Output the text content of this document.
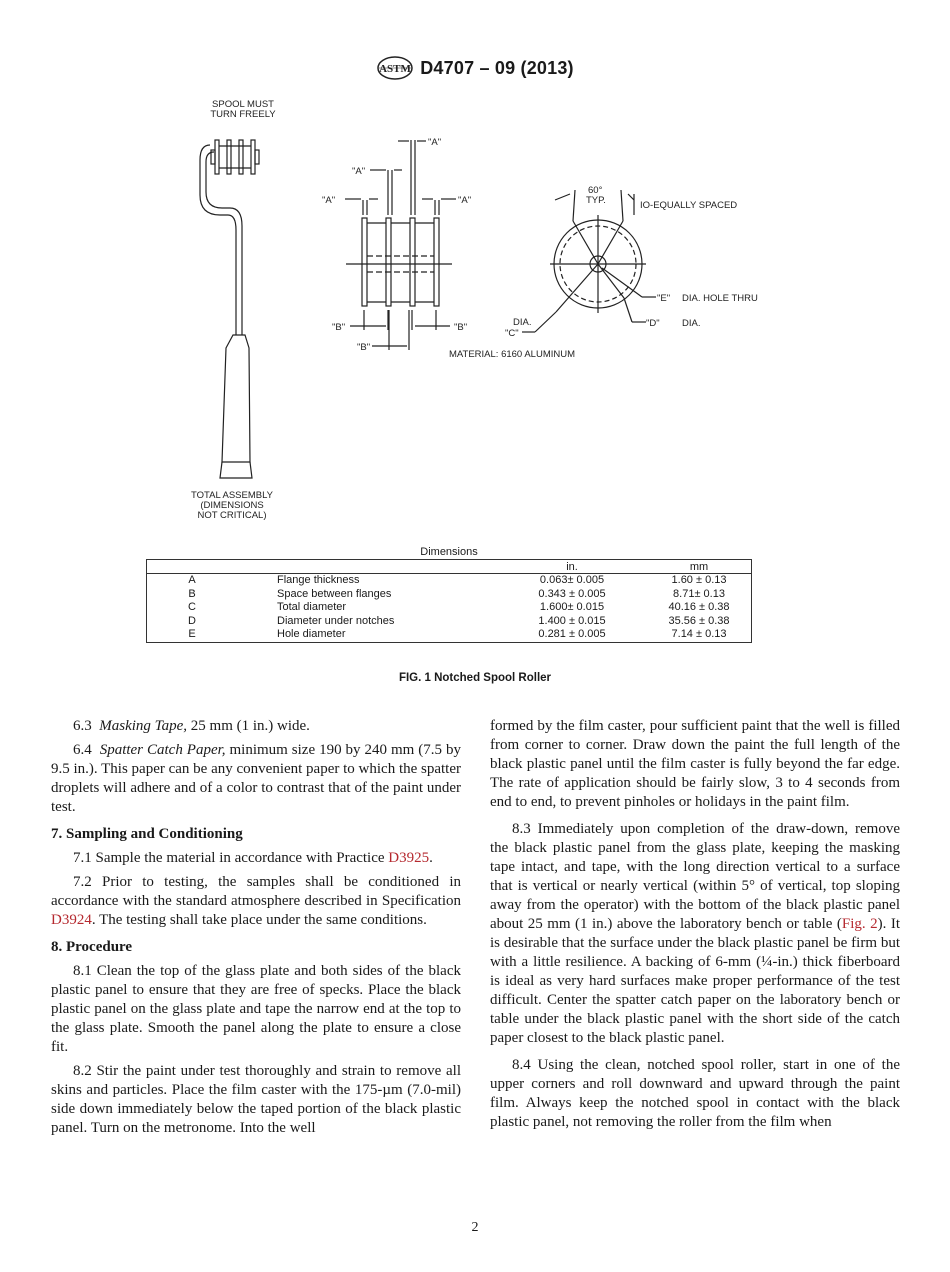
ASTM D4707 – 09 (2013)
SPOOL MUST
TURN FREELY
TOTAL ASSEMBLY
(DIMENSIONS
NOT CRITICAL)
"A"
"A"
"A"	"A"
"B"	"B"
"B"
60°
TYP.	IO-EQUALLY SPACED
"E" DIA. HOLE THRU
"D" DIA.
DIA.
"C"
MATERIAL: 6160 ALUMINUM
Dimensions
		in.	mm
A	Flange thickness	0.063± 0.005	1.60 ± 0.13
B	Space between flanges	0.343 ± 0.005	8.71± 0.13
C	Total diameter	1.600± 0.015	40.16 ± 0.38
D	Diameter under notches	1.400 ± 0.015	35.56 ± 0.38
E	Hole diameter	0.281 ± 0.005	7.14 ± 0.13
FIG. 1 Notched Spool Roller

6.3 Masking Tape, 25 mm (1 in.) wide.

6.4 Spatter Catch Paper, minimum size 190 by 240 mm (7.5 by 9.5 in.). This paper can be any convenient paper to which the spatter droplets will adhere and of a color to contrast that of the paint under test.

7. Sampling and Conditioning

7.1 Sample the material in accordance with Practice D3925.

7.2 Prior to testing, the samples shall be conditioned in accordance with the standard atmosphere described in Specification D3924. The testing shall take place under the same conditions.

8. Procedure

8.1 Clean the top of the glass plate and both sides of the black plastic panel to ensure that they are free of specks. Place the black plastic panel on the glass plate and tape the narrow end at the top to the glass plate. Smooth the panel along the plate to ensure a close fit.

8.2 Stir the paint under test thoroughly and strain to remove all skins and particles. Place the film caster with the 175-µm (7.0-mil) side down immediately below the taped portion of the black plastic panel. Turn on the metronome. Into the well

formed by the film caster, pour sufficient paint that the well is filled from corner to corner. Draw down the paint the full length of the black plastic panel until the film caster is fully beyond the far edge. The rate of application should be fairly slow, 3 to 4 seconds from end to end, to prevent pinholes or holidays in the paint film.

8.3 Immediately upon completion of the draw-down, remove the black plastic panel from the glass plate, keeping the masking tape intact, and tape, with the long direction vertical to a surface that is vertical or nearly vertical (within 5° of vertical, top sloping away from the operator) with the bottom of the black plastic panel about 25 mm (1 in.) above the laboratory bench or table (Fig. 2). It is desirable that the surface under the black plastic panel be firm but with a little resilience. A backing of 6-mm (¼-in.) thick fiberboard is ideal as very hard surfaces make proper performance of the test difficult. Center the spatter catch paper on the laboratory bench or table under the black plastic panel with the short side of the catch paper closest to the black plastic panel.

8.4 Using the clean, notched spool roller, start in one of the upper corners and roll downward and upward through the paint film. Always keep the notched spool in contact with the black plastic panel, not removing the roller from the film when

2
